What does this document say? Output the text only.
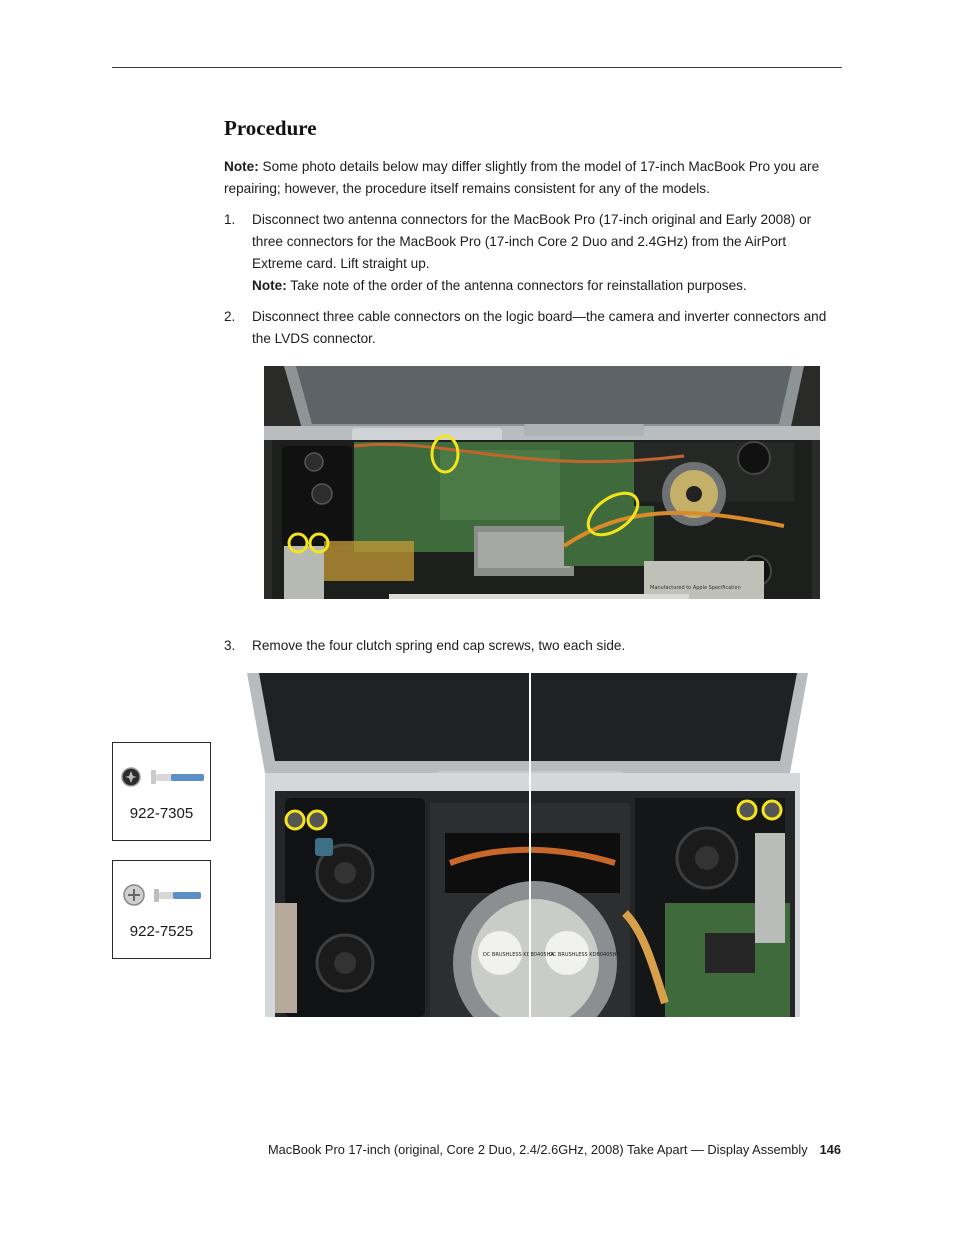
Procedure

Note: Some photo details below may differ slightly from the model of 17-inch MacBook Pro you are repairing; however, the procedure itself remains consistent for any of the models.

1. Disconnect two antenna connectors for the MacBook Pro (17-inch original and Early 2008) or three connectors for the MacBook Pro (17-inch Core 2 Duo and 2.4GHz) from the AirPort Extreme card. Lift straight up.
Note: Take note of the order of the antenna connectors for reinstallation purposes.
2. Disconnect three cable connectors on the logic board—the camera and inverter connectors and the LVDS connector.
Manufactured to Apple Specification
3. Remove the four clutch spring end cap screws, two each side.
922-7305
922-7525
DC BRUSHLESS KDB0405HA
DC BRUSHLESS KDB0405HA
MacBook Pro 17-inch (original, Core 2 Duo, 2.4/2.6GHz, 2008) Take Apart — Display Assembly 146
